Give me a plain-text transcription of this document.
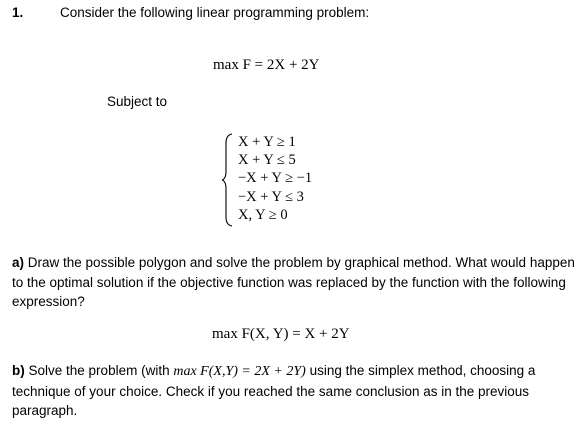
1.	Consider the following linear programming problem:
max F = 2X + 2Y
Subject to
X + Y ≥ 1
X + Y ≤ 5
−X + Y ≥ −1
−X + Y ≤ 3
X, Y ≥ 0
a) Draw the possible polygon and solve the problem by graphical method. What would happen to the optimal solution if the objective function was replaced by the function with the following expression?
max F(X, Y) = X + 2Y
b) Solve the problem (with max F(X,Y) = 2X + 2Y) using the simplex method, choosing a technique of your choice. Check if you reached the same conclusion as in the previous paragraph.
